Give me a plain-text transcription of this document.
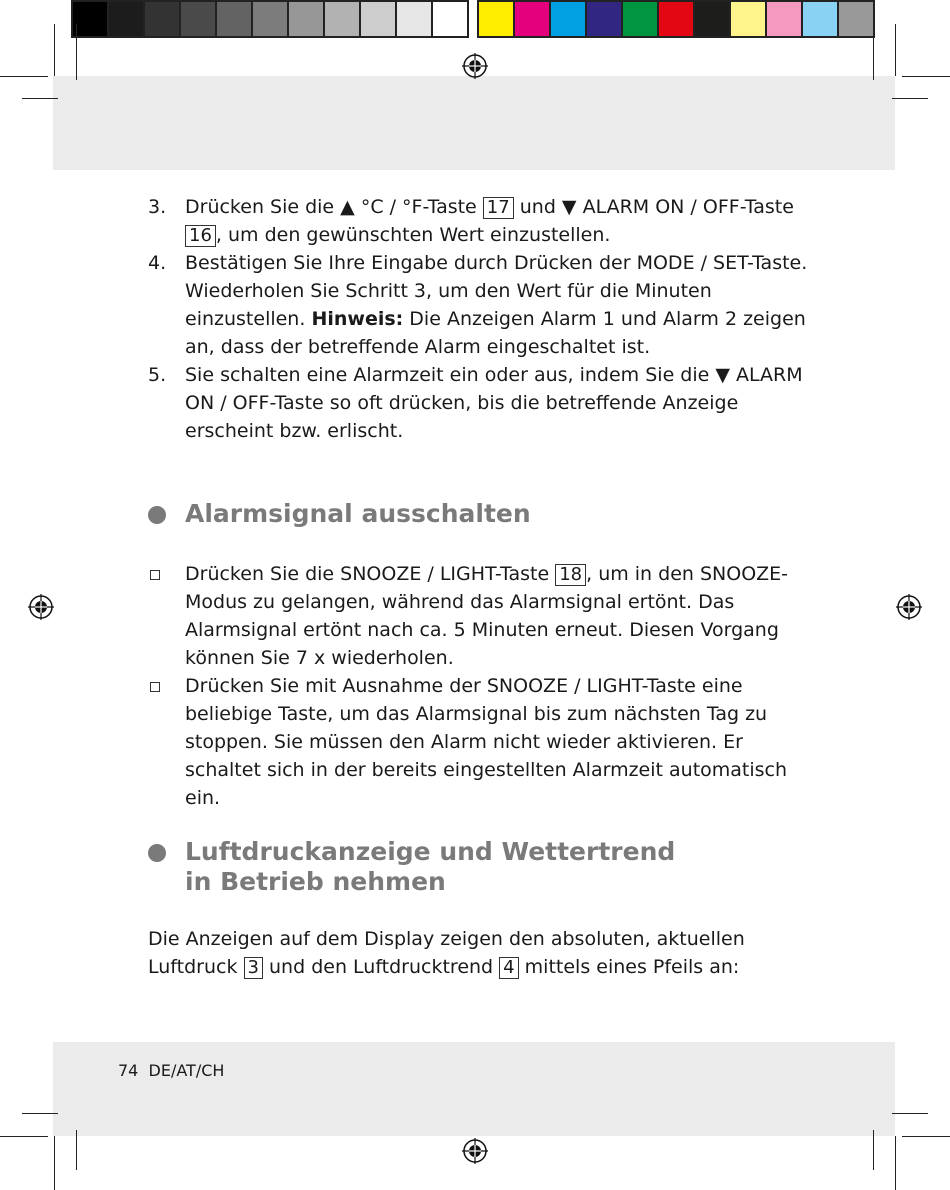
3. Drücken Sie die ▲ °C / °F-Taste 17 und ▼ ALARM ON / OFF-Taste 16 , um den gewünschten Wert einzustellen.
4. Bestätigen Sie Ihre Eingabe durch Drücken der MODE / SET-Taste. Wiederholen Sie Schritt 3, um den Wert für die Minuten einzustellen. Hinweis: Die Anzeigen Alarm 1 und Alarm 2 zeigen an, dass der betreffende Alarm eingeschaltet ist.
5. Sie schalten eine Alarmzeit ein oder aus, indem Sie die ▼ ALARM ON / OFF-Taste so oft drücken, bis die betreffende Anzeige erscheint bzw. erlischt.
Alarmsignal ausschalten
Drücken Sie die SNOOZE / LIGHT-Taste 18 , um in den SNOOZE-Modus zu gelangen, während das Alarmsignal ertönt. Das Alarmsignal ertönt nach ca. 5 Minuten erneut. Diesen Vorgang können Sie 7 x wiederholen.
Drücken Sie mit Ausnahme der SNOOZE / LIGHT-Taste eine beliebige Taste, um das Alarmsignal bis zum nächsten Tag zu stoppen. Sie müssen den Alarm nicht wieder aktivieren. Er schaltet sich in der bereits eingestellten Alarmzeit automatisch ein.
Luftdruckanzeige und Wettertrend
in Betrieb nehmen
Die Anzeigen auf dem Display zeigen den absoluten, aktuellen Luftdruck 3 und den Luftdrucktrend 4 mittels eines Pfeils an:
74 DE/AT/CH
